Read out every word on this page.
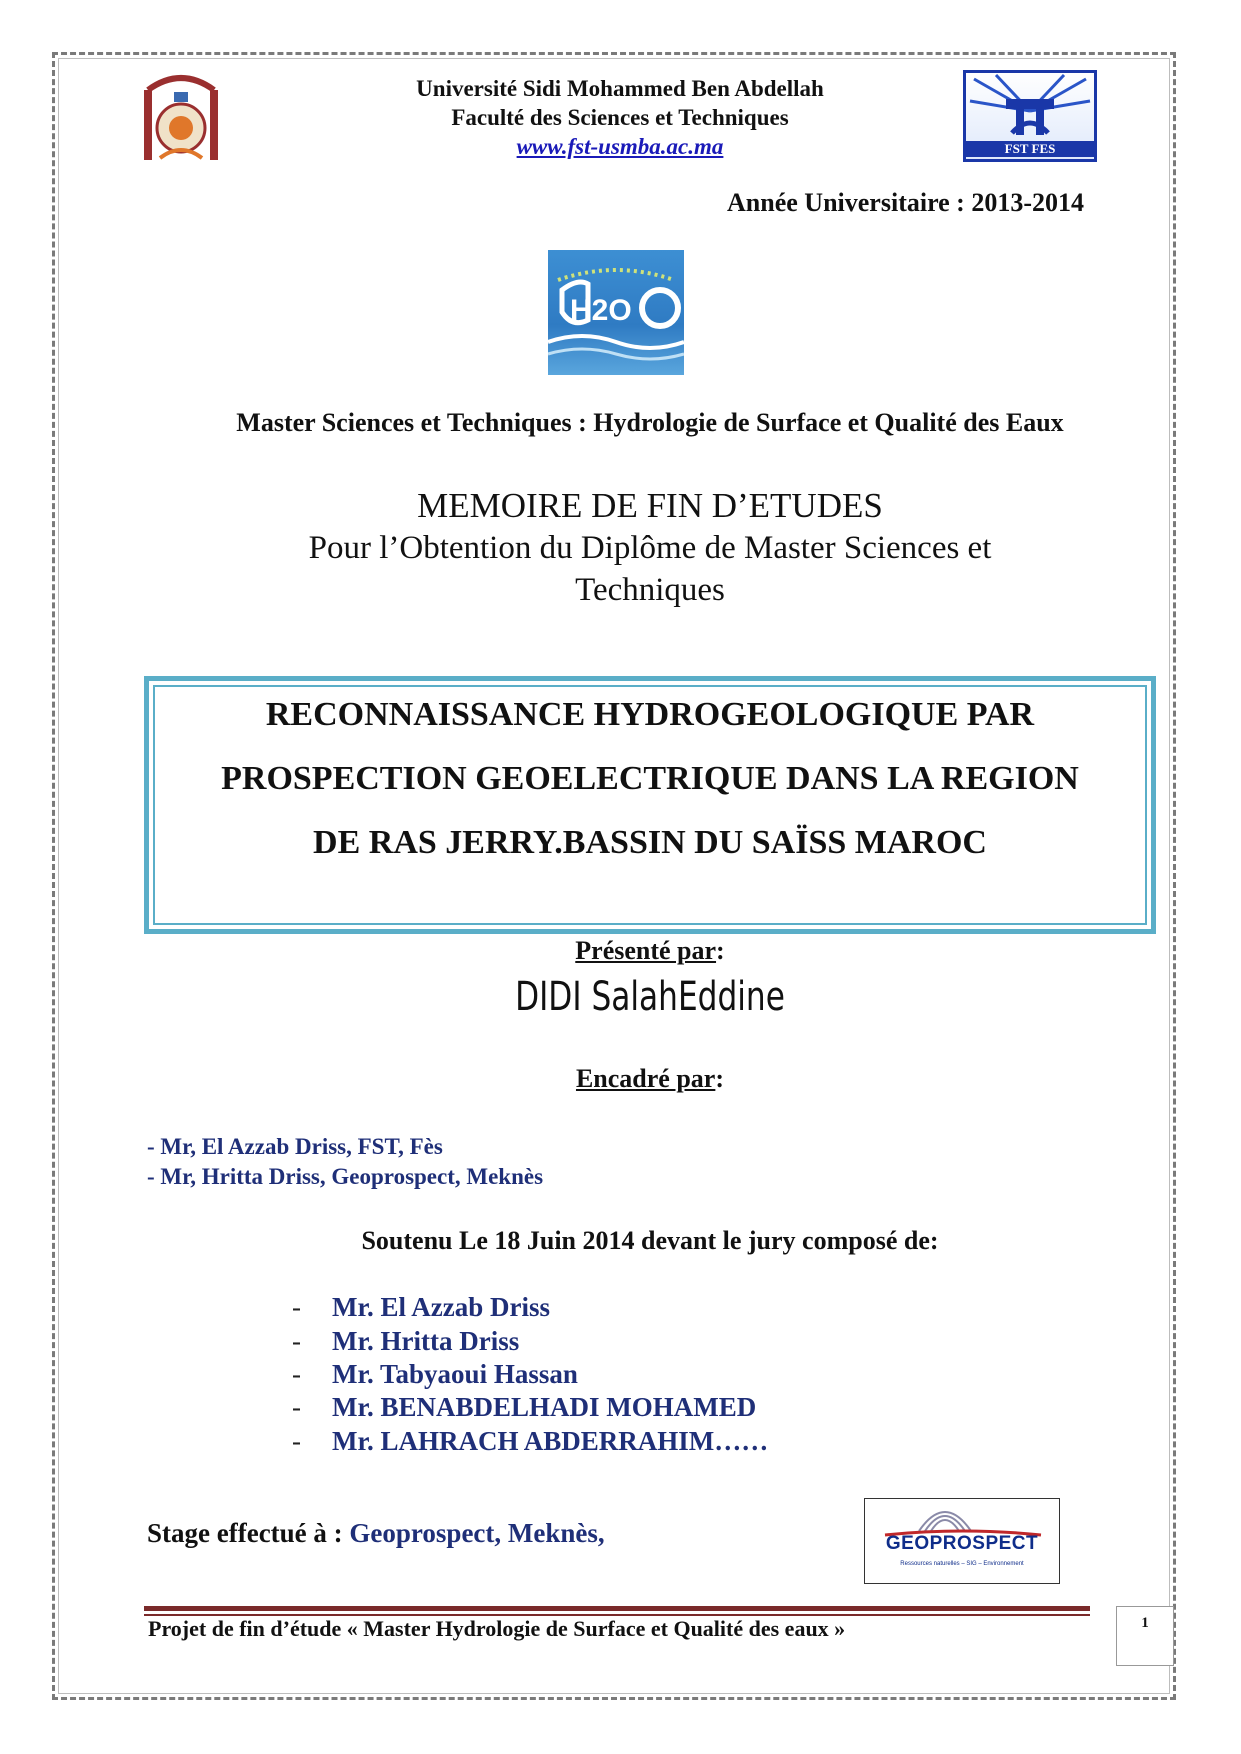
Université Sidi Mohammed Ben Abdellah
Faculté des Sciences et Techniques
www.fst-usmba.ac.ma	FST FES
Année Universitaire : 2013-2014
H2O
Master Sciences et Techniques : Hydrologie de Surface et Qualité des Eaux
MEMOIRE DE FIN D’ETUDES
Pour l’Obtention du Diplôme de Master Sciences et
Techniques
RECONNAISSANCE HYDROGEOLOGIQUE PAR
PROSPECTION GEOELECTRIQUE DANS LA REGION
DE RAS JERRY.BASSIN DU SAÏSS MAROC
Présenté par:
DIDI SalahEddine
Encadré par:
- Mr, El Azzab Driss, FST, Fès
- Mr, Hritta Driss, Geoprospect, Meknès
Soutenu Le 18 Juin 2014 devant le jury composé de:
- Mr. El Azzab Driss
- Mr. Hritta Driss
- Mr. Tabyaoui Hassan
- Mr. BENABDELHADI MOHAMED
- Mr. LAHRACH ABDERRAHIM……
Stage effectué à : Geoprospect, Meknès,	GEOPROSPECT
Ressources naturelles – SIG – Environnement
Projet de fin d’étude « Master Hydrologie de Surface et Qualité des eaux »	1
